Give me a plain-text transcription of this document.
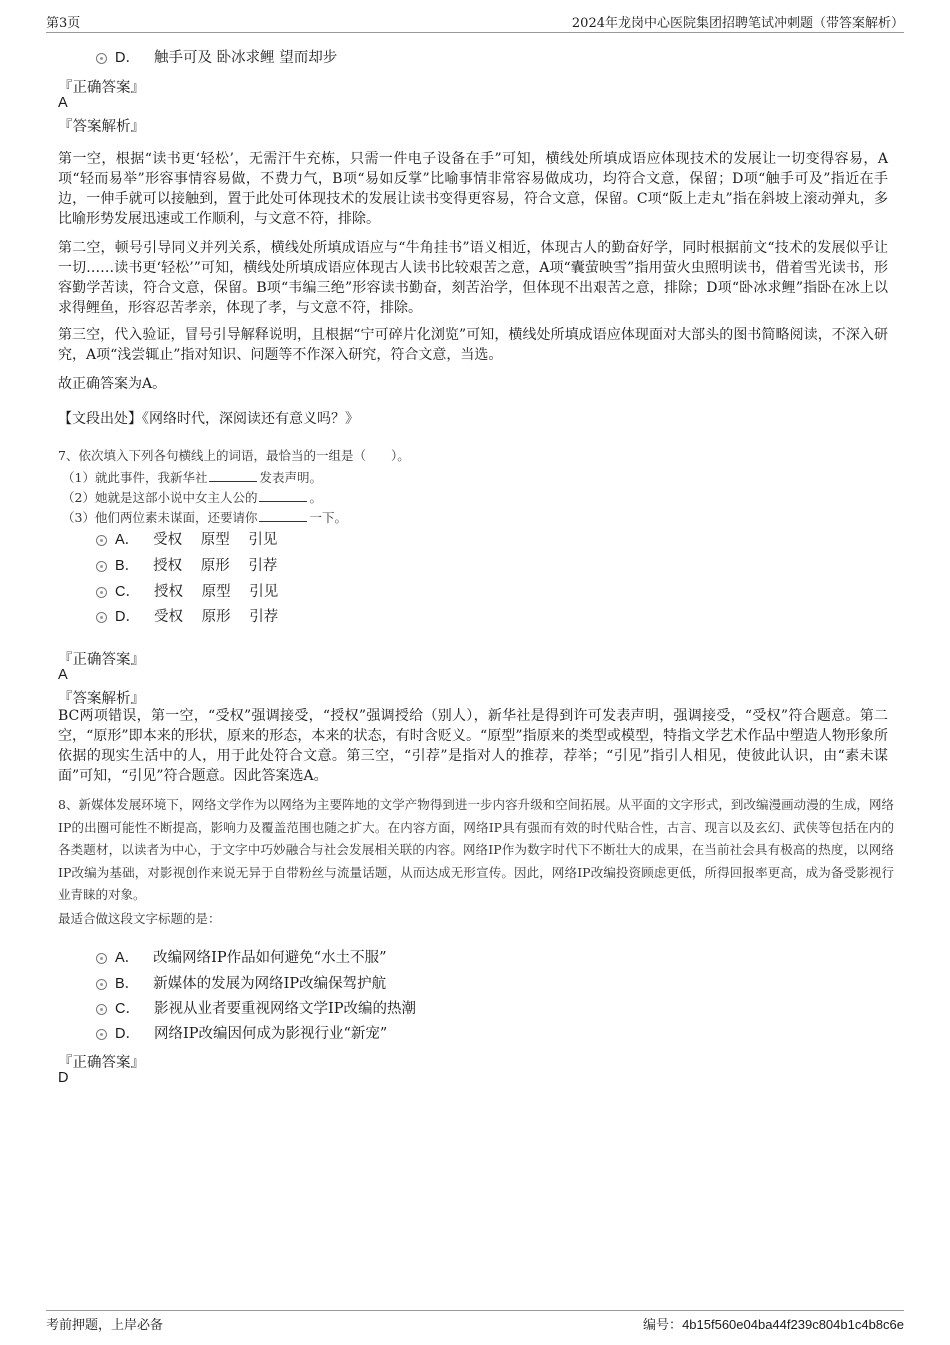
第3页	2024年龙岗中心医院集团招聘笔试冲刺题（带答案解析）
D． 触手可及 卧冰求鲤 望而却步
『正确答案』
A
『答案解析』
第一空，根据“读书更‘轻松’，无需汗牛充栋，只需一件电子设备在手”可知，横线处所填成语应体现技术的发展让一切变得容易，A项“轻而易举”形容事情容易做，不费力气，B项“易如反掌”比喻事情非常容易做成功，均符合文意，保留；D项“触手可及”指近在手边，一伸手就可以接触到，置于此处可体现技术的发展让读书变得更容易，符合文意，保留。C项“阪上走丸”指在斜坡上滚动弹丸，多比喻形势发展迅速或工作顺利，与文意不符，排除。
第二空，顿号引导同义并列关系，横线处所填成语应与“牛角挂书”语义相近，体现古人的勤奋好学，同时根据前文“技术的发展似乎让一切……读书更‘轻松’”可知，横线处所填成语应体现古人读书比较艰苦之意，A项“囊萤映雪”指用萤火虫照明读书，借着雪光读书，形容勤学苦读，符合文意，保留。B项“韦编三绝”形容读书勤奋，刻苦治学，但体现不出艰苦之意，排除；D项“卧冰求鲤”指卧在冰上以求得鲤鱼，形容忍苦孝亲，体现了孝，与文意不符，排除。
第三空，代入验证，冒号引导解释说明，且根据“宁可碎片化浏览”可知，横线处所填成语应体现面对大部头的图书简略阅读，不深入研究，A项“浅尝辄止”指对知识、问题等不作深入研究，符合文意，当选。
故正确答案为A。
【文段出处】《网络时代，深阅读还有意义吗？》
7、依次填入下列各句横线上的词语，最恰当的一组是（　　）。
（1）就此事件，我新华社	发表声明。
（2）她就是这部小说中女主人公的	。
（3）他们两位素未谋面，还要请你	一下。
A． 受权 原型 引见
B． 授权 原形 引荐
C． 授权 原型 引见
D． 受权 原形 引荐
『正确答案』
A
『答案解析』
BC两项错误，第一空，“受权”强调接受，“授权”强调授给（别人），新华社是得到许可发表声明，强调接受，“受权”符合题意。第二空，“原形”即本来的形状，原来的形态，本来的状态，有时含贬义。“原型”指原来的类型或模型，特指文学艺术作品中塑造人物形象所依据的现实生活中的人，用于此处符合文意。第三空，“引荐”是指对人的推荐，荐举；“引见”指引人相见，使彼此认识，由“素未谋面”可知，“引见”符合题意。因此答案选A。
8、新媒体发展环境下，网络文学作为以网络为主要阵地的文学产物得到进一步内容升级和空间拓展。从平面的文字形式，到改编漫画动漫的生成，网络IP的出圈可能性不断提高，影响力及覆盖范围也随之扩大。在内容方面，网络IP具有强而有效的时代贴合性，古言、现言以及玄幻、武侠等包括在内的各类题材，以读者为中心，于文字中巧妙融合与社会发展相关联的内容。网络IP作为数字时代下不断壮大的成果，在当前社会具有极高的热度，以网络IP改编为基础，对影视创作来说无异于自带粉丝与流量话题，从而达成无形宣传。因此，网络IP改编投资顾虑更低，所得回报率更高，成为备受影视行业青睐的对象。
最适合做这段文字标题的是：
A． 改编网络IP作品如何避免“水土不服”
B． 新媒体的发展为网络IP改编保驾护航
C． 影视从业者要重视网络文学IP改编的热潮
D． 网络IP改编因何成为影视行业“新宠”
『正确答案』
D
考前押题，上岸必备	编号：4b15f560e04ba44f239c804b1c4b8c6e
